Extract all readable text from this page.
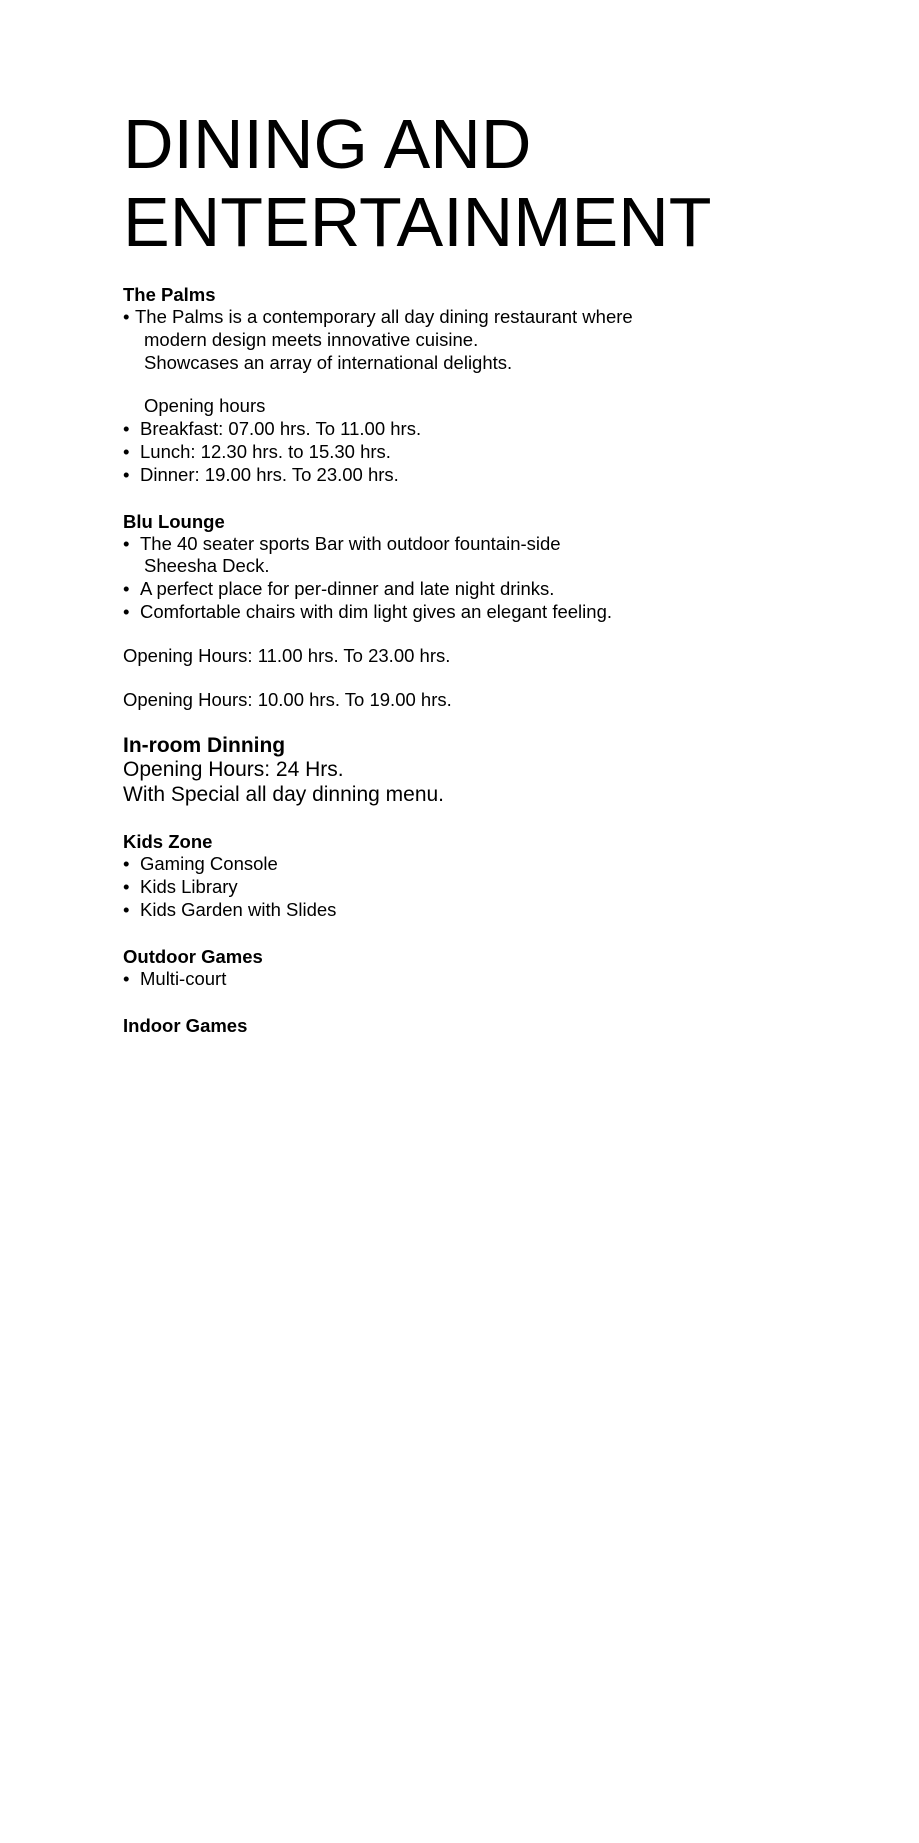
DINING AND
ENTERTAINMENT

The Palms

• The Palms is a contemporary all day dining restaurant where

modern design meets innovative cuisine.

Showcases an array of international delights.

Opening hours

• Breakfast: 07.00 hrs. To 11.00 hrs.
• Lunch: 12.30 hrs. to 15.30 hrs.
• Dinner: 19.00 hrs. To 23.00 hrs.

Blu Lounge

• The 40 seater sports Bar with outdoor fountain-side

Sheesha Deck.

• A perfect place for per-dinner and late night drinks.
• Comfortable chairs with dim light gives an elegant feeling.

Opening Hours: 11.00 hrs. To 23.00 hrs.

Opening Hours: 10.00 hrs. To 19.00 hrs.

In-room Dinning

Opening Hours: 24 Hrs.

With Special all day dinning menu.

Kids Zone

• Gaming Console
• Kids Library
• Kids Garden with Slides

Outdoor Games

• Multi-court

Indoor Games
